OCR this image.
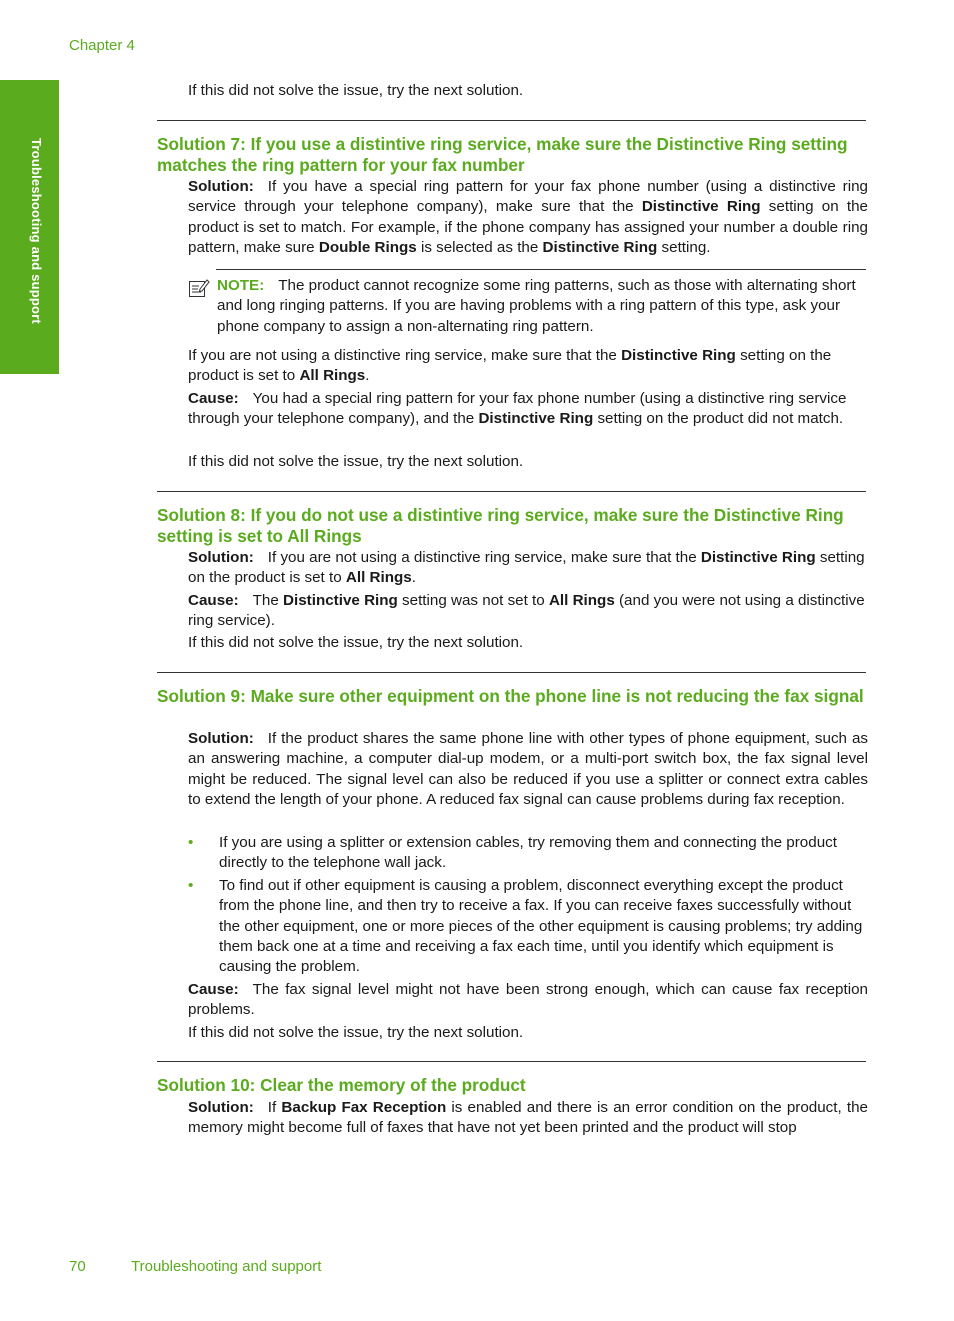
Chapter 4
Troubleshooting and support

If this did not solve the issue, try the next solution.

Solution 7: If you use a distintive ring service, make sure the Distinctive Ring setting matches the ring pattern for your fax number

Solution: If you have a special ring pattern for your fax phone number (using a distinctive ring service through your telephone company), make sure that the Distinctive Ring setting on the product is set to match. For example, if the phone company has assigned your number a double ring pattern, make sure Double Rings is selected as the Distinctive Ring setting.

NOTE: The product cannot recognize some ring patterns, such as those with alternating short and long ringing patterns. If you are having problems with a ring pattern of this type, ask your phone company to assign a non-alternating ring pattern.

If you are not using a distinctive ring service, make sure that the Distinctive Ring setting on the product is set to All Rings.

Cause: You had a special ring pattern for your fax phone number (using a distinctive ring service through your telephone company), and the Distinctive Ring setting on the product did not match.

If this did not solve the issue, try the next solution.

Solution 8: If you do not use a distintive ring service, make sure the Distinctive Ring setting is set to All Rings

Solution: If you are not using a distinctive ring service, make sure that the Distinctive Ring setting on the product is set to All Rings.

Cause: The Distinctive Ring setting was not set to All Rings (and you were not using a distinctive ring service).

If this did not solve the issue, try the next solution.

Solution 9: Make sure other equipment on the phone line is not reducing the fax signal

Solution: If the product shares the same phone line with other types of phone equipment, such as an answering machine, a computer dial-up modem, or a multi-port switch box, the fax signal level might be reduced. The signal level can also be reduced if you use a splitter or connect extra cables to extend the length of your phone. A reduced fax signal can cause problems during fax reception.

• If you are using a splitter or extension cables, try removing them and connecting the product directly to the telephone wall jack.
• To find out if other equipment is causing a problem, disconnect everything except the product from the phone line, and then try to receive a fax. If you can receive faxes successfully without the other equipment, one or more pieces of the other equipment is causing problems; try adding them back one at a time and receiving a fax each time, until you identify which equipment is causing the problem.

Cause: The fax signal level might not have been strong enough, which can cause fax reception problems.

If this did not solve the issue, try the next solution.

Solution 10: Clear the memory of the product

Solution: If Backup Fax Reception is enabled and there is an error condition on the product, the memory might become full of faxes that have not yet been printed and the product will stop

70	Troubleshooting and support
